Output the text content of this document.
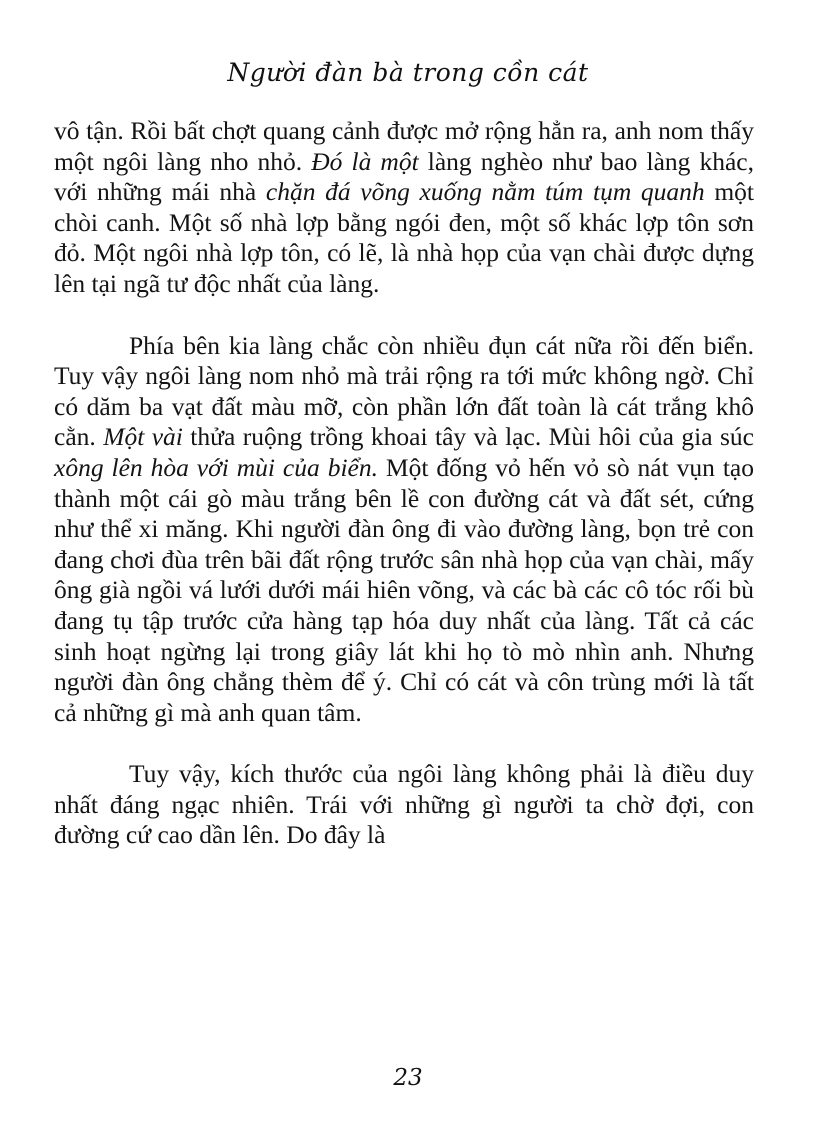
Người đàn bà trong cồn cát

vô tận. Rồi bất chợt quang cảnh được mở rộng hẳn ra, anh nom thấy một ngôi làng nho nhỏ. Đó là một làng nghèo như bao làng khác, với những mái nhà chặn đá võng xuống nằm túm tụm quanh một chòi canh. Một số nhà lợp bằng ngói đen, một số khác lợp tôn sơn đỏ. Một ngôi nhà lợp tôn, có lẽ, là nhà họp của vạn chài được dựng lên tại ngã tư độc nhất của làng.

Phía bên kia làng chắc còn nhiều đụn cát nữa rồi đến biển. Tuy vậy ngôi làng nom nhỏ mà trải rộng ra tới mức không ngờ. Chỉ có dăm ba vạt đất màu mỡ, còn phần lớn đất toàn là cát trắng khô cằn. Một vài thửa ruộng trồng khoai tây và lạc. Mùi hôi của gia súc xông lên hòa với mùi của biển. Một đống vỏ hến vỏ sò nát vụn tạo thành một cái gò màu trắng bên lề con đường cát và đất sét, cứng như thể xi măng. Khi người đàn ông đi vào đường làng, bọn trẻ con đang chơi đùa trên bãi đất rộng trước sân nhà họp của vạn chài, mấy ông già ngồi vá lưới dưới mái hiên võng, và các bà các cô tóc rối bù đang tụ tập trước cửa hàng tạp hóa duy nhất của làng. Tất cả các sinh hoạt ngừng lại trong giây lát khi họ tò mò nhìn anh. Nhưng người đàn ông chẳng thèm để ý. Chỉ có cát và côn trùng mới là tất cả những gì mà anh quan tâm.

Tuy vậy, kích thước của ngôi làng không phải là điều duy nhất đáng ngạc nhiên. Trái với những gì người ta chờ đợi, con đường cứ cao dần lên. Do đây là

23
